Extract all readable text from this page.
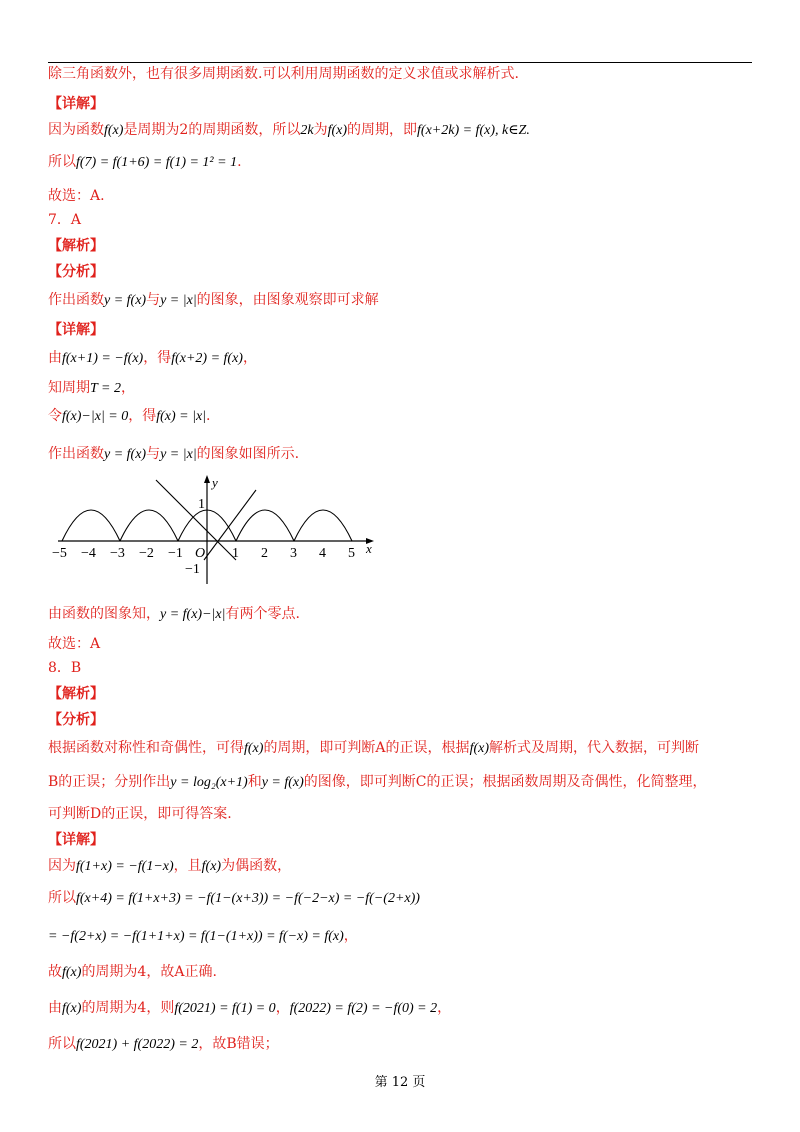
除三角函数外，也有很多周期函数.可以利用周期函数的定义求值或求解析式.
【详解】
因为函数f(x)是周期为2的周期函数，所以2k为f(x)的周期，即f(x+2k) = f(x), k∈Z.
所以f(7) = f(1+6) = f(1) = 1² = 1.
故选：A.
7．A
【解析】
【分析】
作出函数y = f(x)与y = |x|的图象，由图象观察即可求解
【详解】
由f(x+1) = −f(x)，得f(x+2) = f(x)，
知周期T = 2，
令f(x)−|x| = 0，得f(x) = |x|.
作出函数y = f(x)与y = |x|的图象如图所示.
y
x
1
−1
−5 −4 −3 −2 −1 O 1 2 3 4 5
由函数的图象知，y = f(x)−|x|有两个零点.
故选：A
8．B
【解析】
【分析】
根据函数对称性和奇偶性，可得f(x)的周期，即可判断A的正误，根据f(x)解析式及周期，代入数据，可判断
B的正误；分别作出y = log₂(x+1)和y = f(x)的图像，即可判断C的正误；根据函数周期及奇偶性，化简整理，
可判断D的正误，即可得答案.
【详解】
因为f(1+x) = −f(1−x)，且f(x)为偶函数，
所以f(x+4) = f(1+x+3) = −f(1−(x+3)) = −f(−2−x) = −f(−(2+x))
= −f(2+x) = −f(1+1+x) = f(1−(1+x)) = f(−x) = f(x)，
故f(x)的周期为4，故A正确.
由f(x)的周期为4，则f(2021) = f(1) = 0，f(2022) = f(2) = −f(0) = 2，
所以f(2021) + f(2022) = 2，故B错误；
第 12 页
